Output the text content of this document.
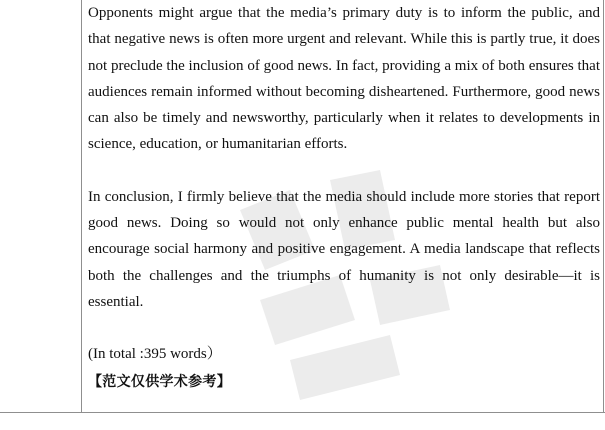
Opponents might argue that the media’s primary duty is to inform the public, and that negative news is often more urgent and relevant. While this is partly true, it does not preclude the inclusion of good news. In fact, providing a mix of both ensures that audiences remain informed without becoming disheartened. Furthermore, good news can also be timely and newsworthy, particularly when it relates to developments in science, education, or humanitarian efforts.

In conclusion, I firmly believe that the media should include more stories that report good news. Doing so would not only enhance public mental health but also encourage social harmony and positive engagement. A media landscape that reflects both the challenges and the triumphs of humanity is not only desirable—it is essential.

(In total :395 words）

【范文仅供学术参考】
